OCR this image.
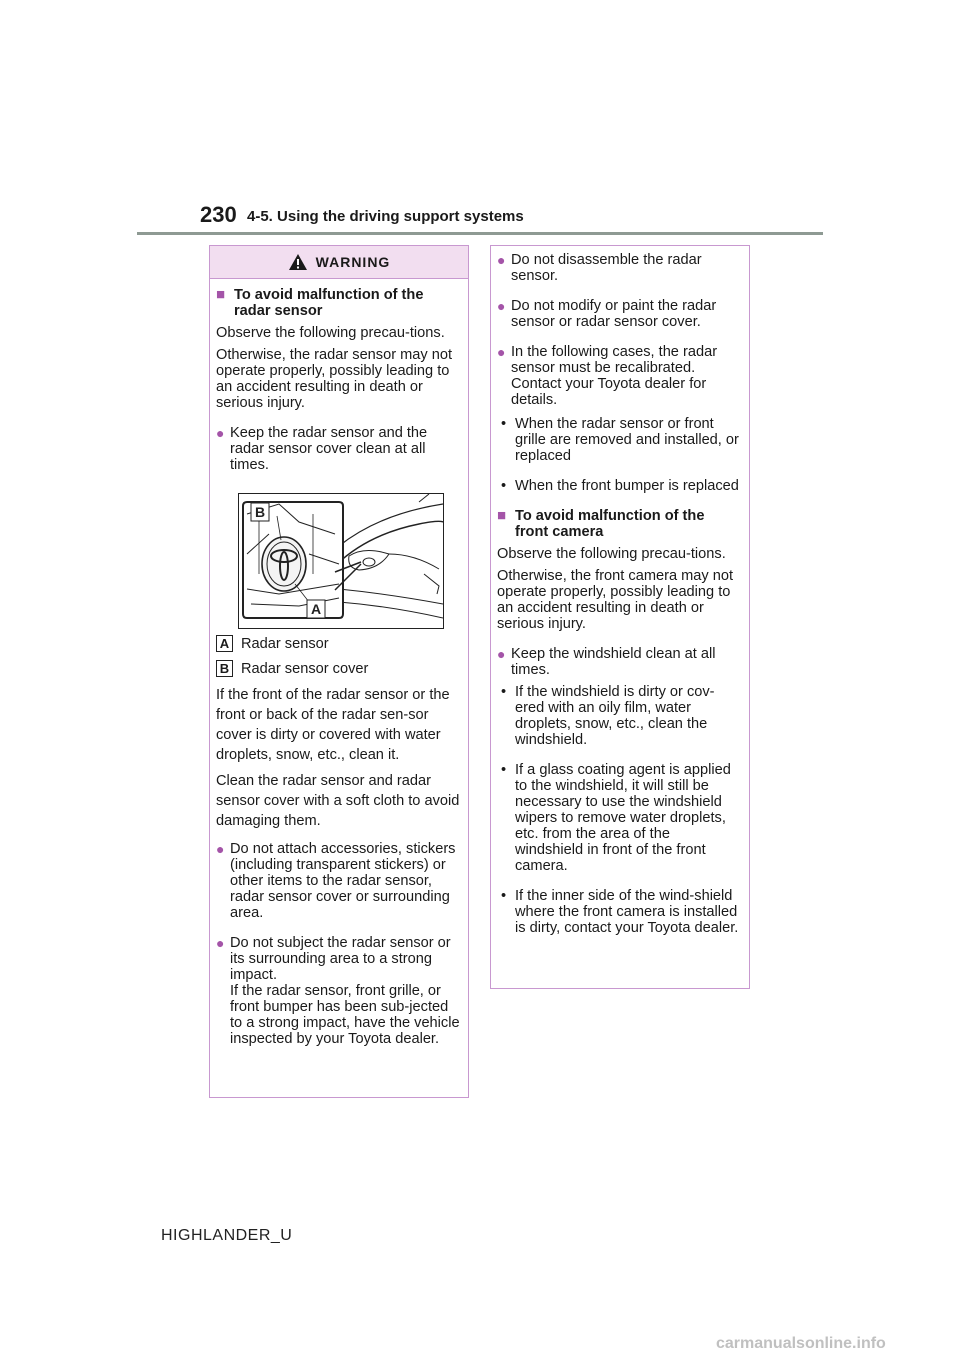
230 4-5. Using the driving support systems
WARNING
■ To avoid malfunction of the radar sensor
Observe the following precau-tions.
Otherwise, the radar sensor may not operate properly, possibly leading to an accident resulting in death or serious injury.
● Keep the radar sensor and the radar sensor cover clean at all times.
B
A
A Radar sensor
B Radar sensor cover
If the front of the radar sensor or the front or back of the radar sen-sor cover is dirty or covered with water droplets, snow, etc., clean it.
Clean the radar sensor and radar sensor cover with a soft cloth to avoid damaging them.
● Do not attach accessories, stickers (including transparent stickers) or other items to the radar sensor, radar sensor cover or surrounding area.
● Do not subject the radar sensor or its surrounding area to a strong impact.
If the radar sensor, front grille, or front bumper has been sub-jected to a strong impact, have the vehicle inspected by your Toyota dealer.
● Do not disassemble the radar sensor.
● Do not modify or paint the radar sensor or radar sensor cover.
● In the following cases, the radar sensor must be recalibrated. Contact your Toyota dealer for details.
• When the radar sensor or front grille are removed and installed, or replaced
• When the front bumper is replaced
■ To avoid malfunction of the front camera
Observe the following precau-tions.
Otherwise, the front camera may not operate properly, possibly leading to an accident resulting in death or serious injury.
● Keep the windshield clean at all times.
• If the windshield is dirty or cov-ered with an oily film, water droplets, snow, etc., clean the windshield.
• If a glass coating agent is applied to the windshield, it will still be necessary to use the windshield wipers to remove water droplets, etc. from the area of the windshield in front of the front camera.
• If the inner side of the wind-shield where the front camera is installed is dirty, contact your Toyota dealer.
HIGHLANDER_U
carmanualsonline.info
